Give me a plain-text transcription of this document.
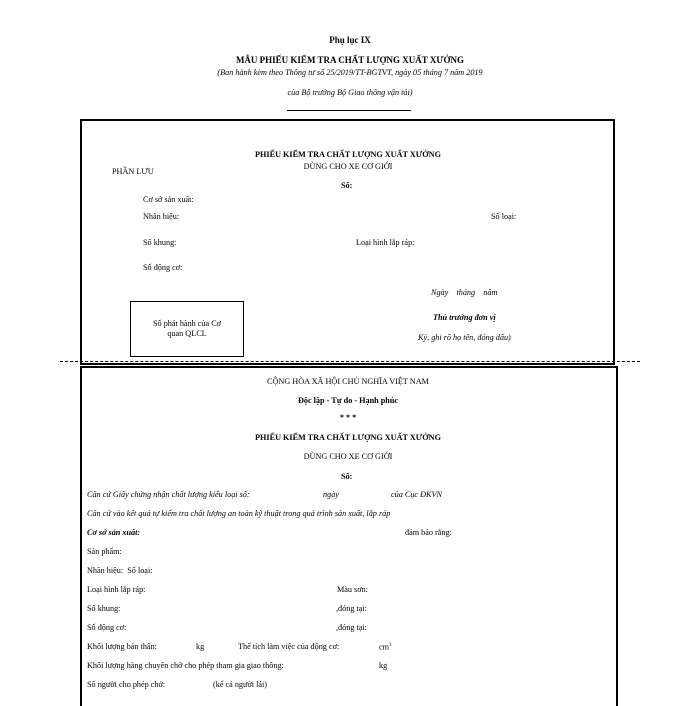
Phụ lục IX
MẪU PHIẾU KIỂM TRA CHẤT LƯỢNG XUẤT XƯỞNG
(Ban hành kèm theo Thông tư số 25/2019/TT-BGTVT, ngày 05 tháng 7 năm 2019
của Bộ trưởng Bộ Giao thông vận tải)
PHẦN LƯU
PHIẾU KIỂM TRA CHẤT LƯỢNG XUẤT XƯỞNG
DÙNG CHO XE CƠ GIỚI
Số:
Cơ sở sản xuất:
Nhãn hiệu:	Số loại:
Số khung:	Loại hình lắp ráp:
Số động cơ:
Ngày    tháng    năm
Thủ trưởng đơn vị
Ký, ghi rõ họ tên, đóng dấu)
Số phát hành của Cơ
quan QLCL
CỘNG HÒA XÃ HỘI CHỦ NGHĨA VIỆT NAM
Độc lập - Tự do - Hạnh phúc
* * *
PHIẾU KIỂM TRA CHẤT LƯỢNG XUẤT XƯỞNG
DÙNG CHO XE CƠ GIỚI
Số:
Căn cứ Giấy chứng nhận chất lượng kiểu loại số:	ngày	của Cục ĐKVN
Căn cứ vào kết quả tự kiểm tra chất lượng an toàn kỹ thuật trong quá trình sản xuất, lắp ráp
Cơ sở sản xuất:	đảm bảo rằng:
Sản phẩm:
Nhãn hiệu:  Số loại:
Loại hình lắp ráp:	Màu sơn:
Số khung:	,đóng tại:
Số động cơ:	,đóng tại:
Khối lượng bản thân:	kg	Thể tích làm việc của động cơ:	$cm^3$
Khối lượng hàng chuyên chở cho phép tham gia giao thông:	kg
Số người cho phép chở:	(kể cả người lái)
